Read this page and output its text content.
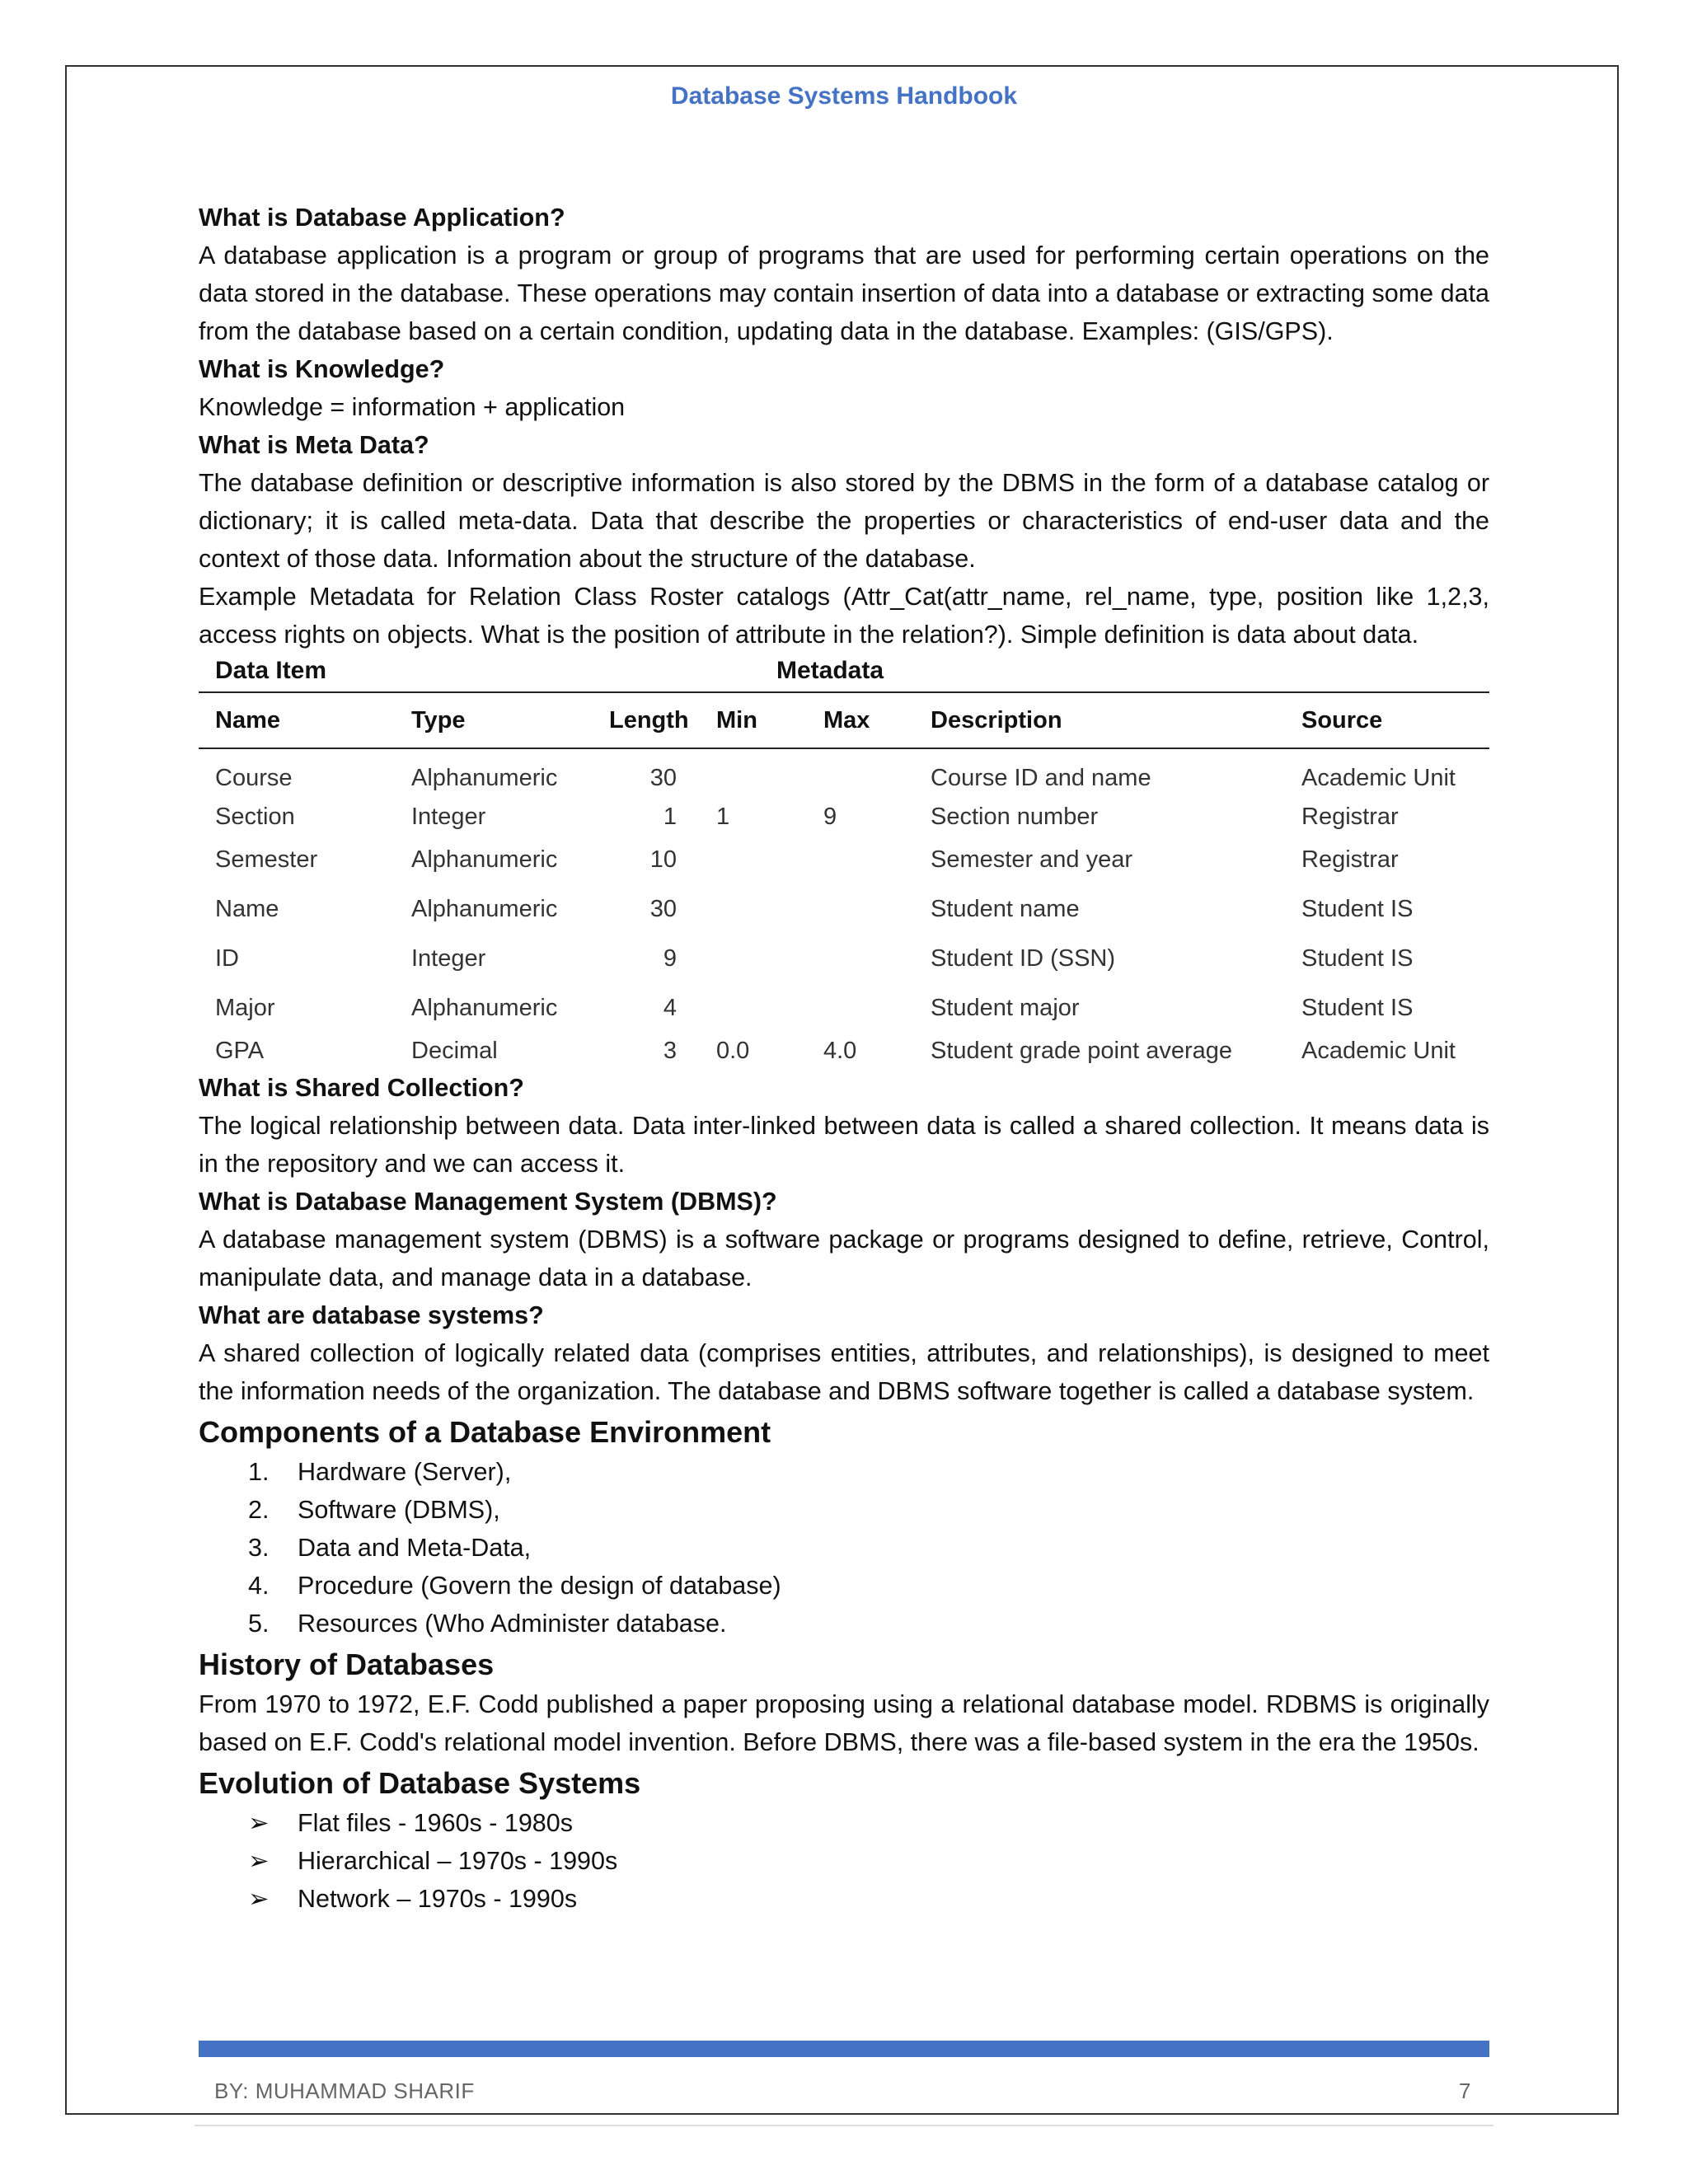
Database Systems Handbook

What is Database Application?

A database application is a program or group of programs that are used for performing certain operations on the data stored in the database. These operations may contain insertion of data into a database or extracting some data from the database based on a certain condition, updating data in the database. Examples: (GIS/GPS).

What is Knowledge?

Knowledge = information + application

What is Meta Data?

The database definition or descriptive information is also stored by the DBMS in the form of a database catalog or dictionary; it is called meta-data. Data that describe the properties or characteristics of end-user data and the context of those data. Information about the structure of the database.

Example Metadata for Relation Class Roster catalogs (Attr_Cat(attr_name, rel_name, type, position like 1,2,3, access rights on objects. What is the position of attribute in the relation?). Simple definition is data about data.

Data Item	Metadata
Name	Type	Length	Min	Max	Description	Source
Course	Alphanumeric	30			Course ID and name	Academic Unit
Section	Integer	1	1	9	Section number	Registrar
Semester	Alphanumeric	10			Semester and year	Registrar
Name	Alphanumeric	30			Student name	Student IS
ID	Integer	9			Student ID (SSN)	Student IS
Major	Alphanumeric	4			Student major	Student IS
GPA	Decimal	3	0.0	4.0	Student grade point average	Academic Unit

What is Shared Collection?

The logical relationship between data. Data inter-linked between data is called a shared collection. It means data is in the repository and we can access it.

What is Database Management System (DBMS)?

A database management system (DBMS) is a software package or programs designed to define, retrieve, Control, manipulate data, and manage data in a database.

What are database systems?

A shared collection of logically related data (comprises entities, attributes, and relationships), is designed to meet the information needs of the organization. The database and DBMS software together is called a database system.

Components of a Database Environment
1.	Hardware (Server),
2.	Software (DBMS),
3.	Data and Meta-Data,
4.	Procedure (Govern the design of database)
5.	Resources (Who Administer database.
History of Databases

From 1970 to 1972, E.F. Codd published a paper proposing using a relational database model. RDBMS is originally based on E.F. Codd's relational model invention. Before DBMS, there was a file-based system in the era the 1950s.

Evolution of Database Systems
➢	Flat files - 1960s - 1980s
➢	Hierarchical – 1970s - 1990s
➢	Network – 1970s - 1990s
BY: MUHAMMAD SHARIF	7
